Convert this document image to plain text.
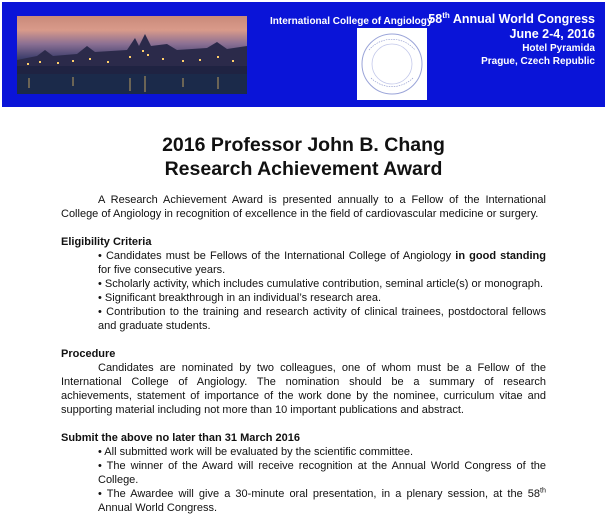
International College of Angiology
58th Annual World Congress
June 2-4, 2016
Hotel Pyramida
Prague, Czech Republic
2016 Professor John B. Chang
Research Achievement Award

A Research Achievement Award is presented annually to a Fellow of the International College of Angiology in recognition of excellence in the field of cardiovascular medicine or surgery.

Eligibility Criteria

• Candidates must be Fellows of the International College of Angiology in good standing for five consecutive years.

• Scholarly activity, which includes cumulative contribution, seminal article(s) or monograph.

• Significant breakthrough in an individual’s research area.

• Contribution to the training and research activity of clinical trainees, postdoctoral fellows and graduate students.

Procedure

Candidates are nominated by two colleagues, one of whom must be a Fellow of the International College of Angiology. The nomination should be a summary of research achievements, statement of importance of the work done by the nominee, curriculum vitae and supporting material including not more than 10 important publications and abstract.

Submit the above no later than 31 March 2016

• All submitted work will be evaluated by the scientific committee.

• The winner of the Award will receive recognition at the Annual World Congress of the College.

• The Awardee will give a 30-minute oral presentation, in a plenary session, at the 58th Annual World Congress.
